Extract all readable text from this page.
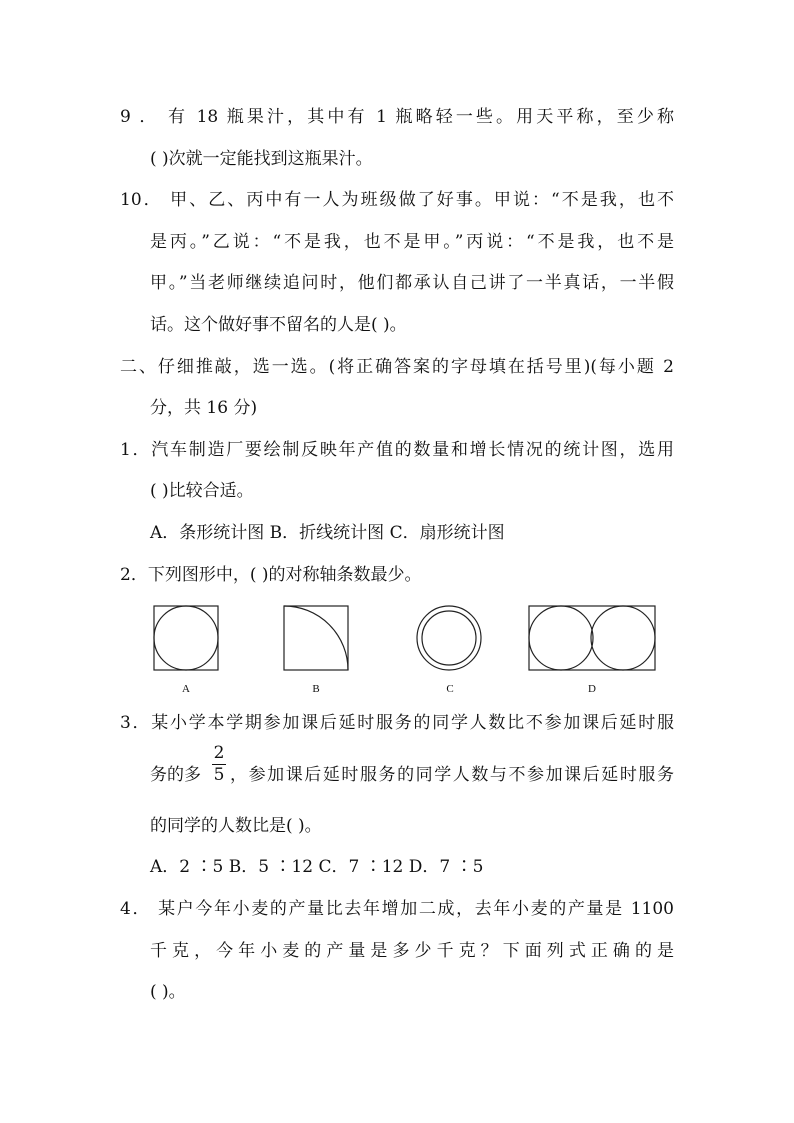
9 ． 有 18 瓶果汁，其中有 1 瓶略轻一些。用天平称，至少称
( )次就一定能找到这瓶果汁。
10． 甲、乙、丙中有一人为班级做了好事。甲说：“不是我，也不
是丙。”乙说：“不是我，也不是甲。”丙说：“不是我，也不是
甲。”当老师继续追问时，他们都承认自己讲了一半真话，一半假
话。这个做好事不留名的人是( )。
二、仔细推敲，选一选。(将正确答案的字母填在括号里)(每小题 2
分，共 16 分)
1．汽车制造厂要绘制反映年产值的数量和增长情况的统计图，选用
( )比较合适。
A．条形统计图 B．折线统计图 C．扇形统计图
2．下列图形中，( )的对称轴条数最少。
A	B	C	D
3．某小学本学期参加课后延时服务的同学人数比不参加课后延时服
务的多
2
5 ，参加课后延时服务的同学人数与不参加课后延时服务
的同学的人数比是( )。
A．2 ∶5 B．5 ∶12 C．7 ∶12 D．7 ∶5
4． 某户今年小麦的产量比去年增加二成，去年小麦的产量是 1100
千克，今年小麦的产量是多少千克？下面列式正确的是
( )。
